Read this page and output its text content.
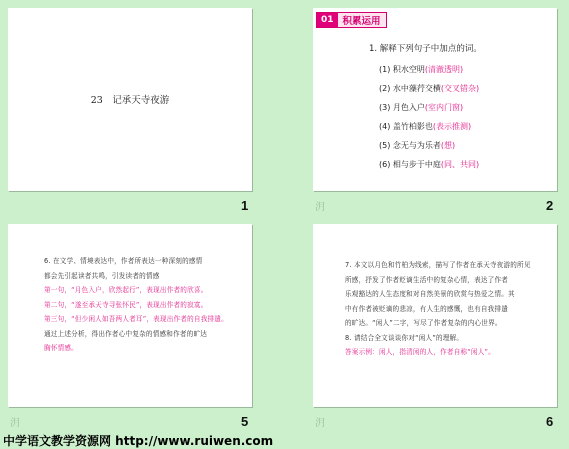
23　记承天寺夜游
1
01 积累运用
1. 解释下列句子中加点的词。
(1) 积水空明(清澈透明)
(2) 水中藻荇交横(交叉错杂)
(3) 月色入户(室内门窗)
(4) 盖竹柏影也(表示推测)
(5) 念无与为乐者(想)
(6) 相与步于中庭(同、共同)
㳉	2
6. 在文学、情境表达中，作者所表达一种深刻的感情
都会先引起读者共鸣，引发读者的情感
第一句，“月色入户，欣然起行”，表现出作者的欣喜。
第二句，“遂至承天寺寻张怀民”，表现出作者的寂寞。
第三句，“但少闲人如吾两人者耳”，表现出作者的自我排遣。
通过上述分析，得出作者心中复杂的情感和作者的旷达
胸怀情感。
㳉	5
7. 本文以月色和竹柏为线索，描写了作者在承天寺夜游的所见
所感，抒发了作者贬谪生活中的复杂心情，表达了作者
乐观豁达的人生态度和对自然美景的欣赏与热爱之情。其
中有作者被贬谪的悲凉，有人生的感慨，也有自我排遣
的旷达。“闲人”二字，写尽了作者复杂的内心世界。
8. 请结合全文谈谈你对“闲人”的理解。
答案示例：闲人，指清闲的人，作者自称“闲人”。
㳉	6
中学语文教学资源网 http://www.ruiwen.com
